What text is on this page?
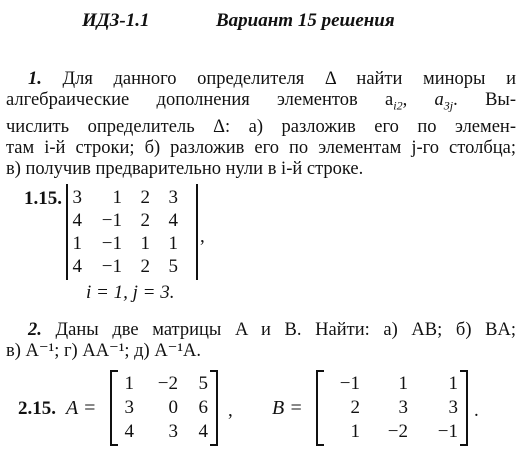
ИДЗ-1.1	Вариант 15 решения
1. Для данного определителя Δ найти миноры и
алгебраические дополнения элементов $a_{i2}$, $a_{3j}$. Вы-
числить определитель Δ: а) разложив его по элемен-
там i-й строки; б) разложив его по элементам j-го столбца;
в) получив предварительно нули в i-й строке.
1.15. 3	1 2 3
4	−1 2 4
1	−1 1 1
4	−1 2 5
,
i = 1, j = 3.
2. Даны две матрицы A и B. Найти: а) AB; б) BA;
в) A⁻¹; г) AA⁻¹; д) A⁻¹A.
2.15. A =
1	−2	5
3	0	6
4	3	4
, B =
−1	1	1
2	3	3
1	−2	−1
.
